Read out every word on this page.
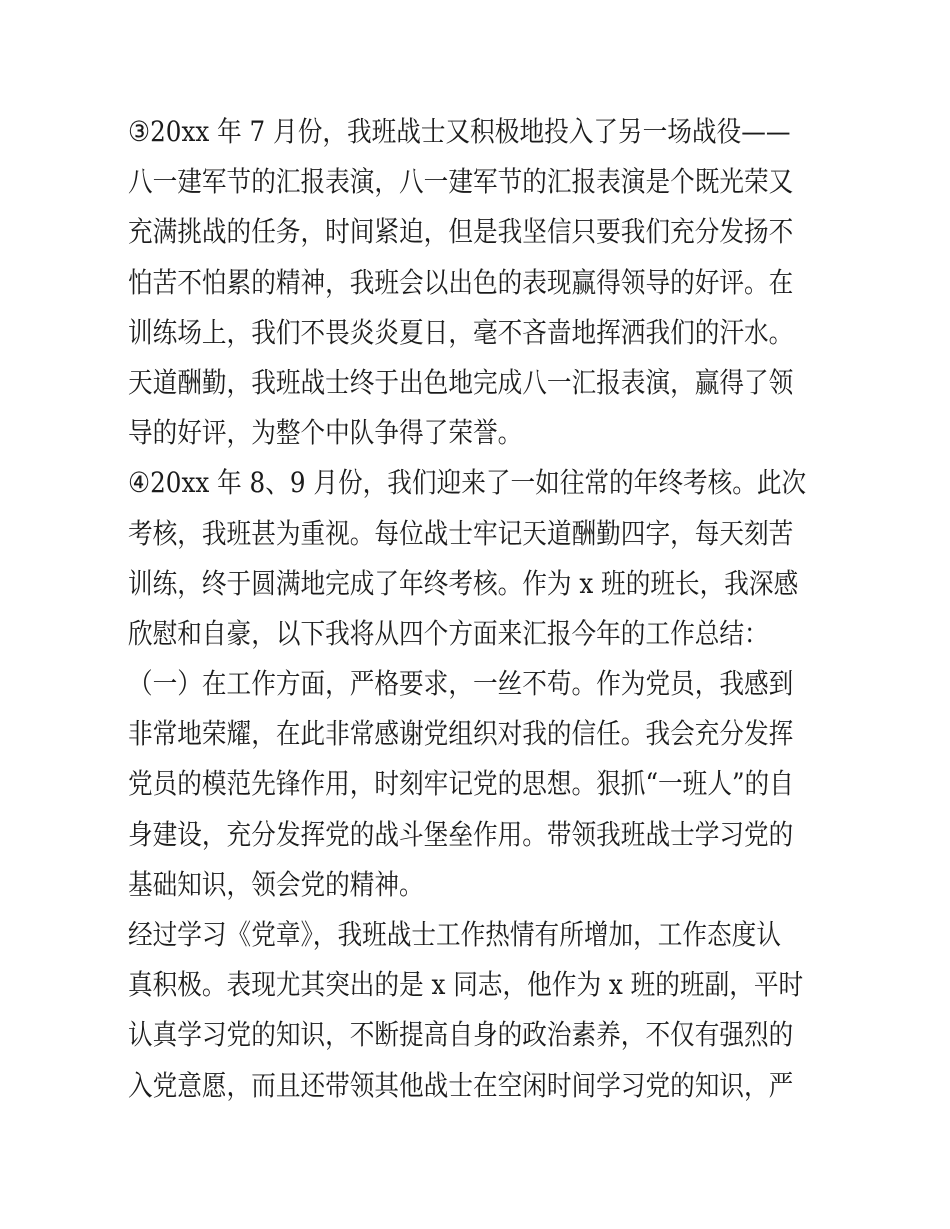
③20xx 年 7 月份，我班战士又积极地投入了另一场战役——
八一建军节的汇报表演，八一建军节的汇报表演是个既光荣又
充满挑战的任务，时间紧迫，但是我坚信只要我们充分发扬不
怕苦不怕累的精神，我班会以出色的表现赢得领导的好评。在
训练场上，我们不畏炎炎夏日，毫不吝啬地挥洒我们的汗水。
天道酬勤，我班战士终于出色地完成八一汇报表演，赢得了领
导的好评，为整个中队争得了荣誉。
④20xx 年 8、9 月份，我们迎来了一如往常的年终考核。此次
考核，我班甚为重视。每位战士牢记天道酬勤四字，每天刻苦
训练，终于圆满地完成了年终考核。作为 x 班的班长，我深感
欣慰和自豪，以下我将从四个方面来汇报今年的工作总结：
（一）在工作方面，严格要求，一丝不苟。作为党员，我感到
非常地荣耀，在此非常感谢党组织对我的信任。我会充分发挥
党员的模范先锋作用，时刻牢记党的思想。狠抓“一班人”的自
身建设，充分发挥党的战斗堡垒作用。带领我班战士学习党的
基础知识，领会党的精神。
经过学习《党章》，我班战士工作热情有所增加，工作态度认
真积极。表现尤其突出的是 x 同志，他作为 x 班的班副，平时
认真学习党的知识，不断提高自身的政治素养，不仅有强烈的
入党意愿，而且还带领其他战士在空闲时间学习党的知识，严
